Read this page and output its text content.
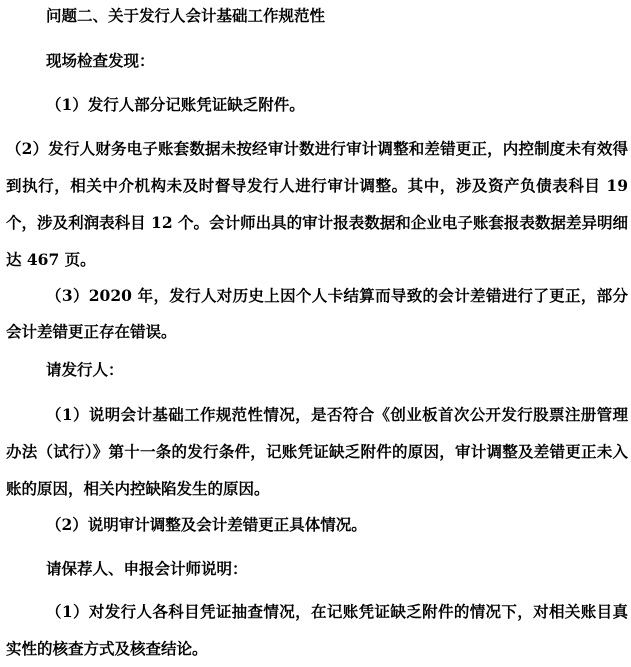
问题二、关于发行人会计基础工作规范性
现场检查发现：
（1）发行人部分记账凭证缺乏附件。
（2）发行人财务电子账套数据未按经审计数进行审计调整和差错更正，内控制度未有效得到执行，相关中介机构未及时督导发行人进行审计调整。其中，涉及资产负债表科目 19 个，涉及利润表科目 12 个。会计师出具的审计报表数据和企业电子账套报表数据差异明细达 467 页。
（3）2020 年，发行人对历史上因个人卡结算而导致的会计差错进行了更正，部分会计差错更正存在错误。
请发行人：
（1）说明会计基础工作规范性情况，是否符合《创业板首次公开发行股票注册管理办法（试行）》第十一条的发行条件，记账凭证缺乏附件的原因，审计调整及差错更正未入账的原因，相关内控缺陷发生的原因。
（2）说明审计调整及会计差错更正具体情况。
请保荐人、申报会计师说明：
（1）对发行人各科目凭证抽查情况，在记账凭证缺乏附件的情况下，对相关账目真实性的核查方式及核查结论。
